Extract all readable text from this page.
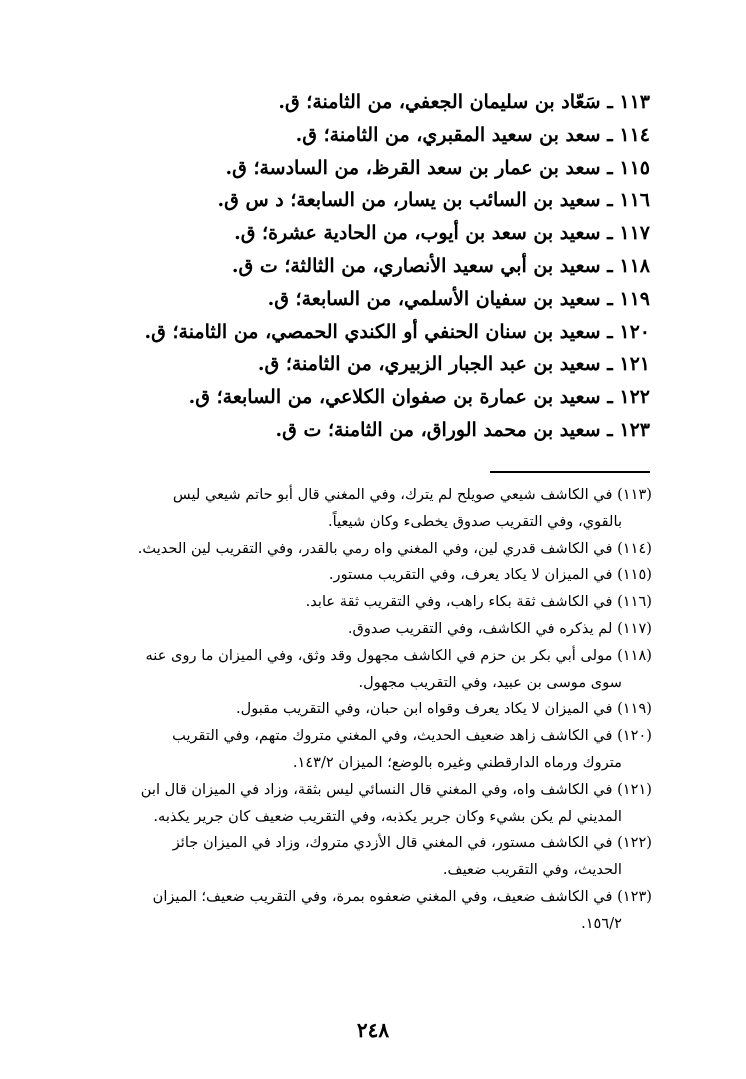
١١٣ ـ سَعّاد بن سليمان الجعفي، من الثامنة؛ ق.
١١٤ ـ سعد بن سعيد المقبري، من الثامنة؛ ق.
١١٥ ـ سعد بن عمار بن سعد القرظ، من السادسة؛ ق.
١١٦ ـ سعيد بن السائب بن يسار، من السابعة؛ د س ق.
١١٧ ـ سعيد بن سعد بن أيوب، من الحادية عشرة؛ ق.
١١٨ ـ سعيد بن أبي سعيد الأنصاري، من الثالثة؛ ت ق.
١١٩ ـ سعيد بن سفيان الأسلمي، من السابعة؛ ق.
١٢٠ ـ سعيد بن سنان الحنفي أو الكندي الحمصي، من الثامنة؛ ق.
١٢١ ـ سعيد بن عبد الجبار الزبيري، من الثامنة؛ ق.
١٢٢ ـ سعيد بن عمارة بن صفوان الكلاعي، من السابعة؛ ق.
١٢٣ ـ سعيد بن محمد الوراق، من الثامنة؛ ت ق.
(١١٣) في الكاشف شيعي صويلح لم يترك، وفي المغني قال أبو حاتم شيعي ليس
بالقوي، وفي التقريب صدوق يخطىء وكان شيعياً.
(١١٤) في الكاشف قدري لين، وفي المغني واه رمي بالقدر، وفي التقريب لين الحديث.
(١١٥) في الميزان لا يكاد يعرف، وفي التقريب مستور.
(١١٦) في الكاشف ثقة بكاء راهب، وفي التقريب ثقة عابد.
(١١٧) لم يذكره في الكاشف، وفي التقريب صدوق.
(١١٨) مولى أبي بكر بن حزم في الكاشف مجهول وقد وثق، وفي الميزان ما روى عنه
سوى موسى بن عبيد، وفي التقريب مجهول.
(١١٩) في الميزان لا يكاد يعرف وقواه ابن حبان، وفي التقريب مقبول.
(١٢٠) في الكاشف زاهد ضعيف الحديث، وفي المغني متروك متهم، وفي التقريب
متروك ورماه الدارقطني وغيره بالوضع؛ الميزان ١٤٣/٢.
(١٢١) في الكاشف واه، وفي المغني قال النسائي ليس بثقة، وزاد في الميزان قال ابن
المديني لم يكن بشيء وكان جرير يكذبه، وفي التقريب ضعيف كان جرير يكذبه.
(١٢٢) في الكاشف مستور، في المغني قال الأزدي متروك، وزاد في الميزان جائز
الحديث، وفي التقريب ضعيف.
(١٢٣) في الكاشف ضعيف، وفي المغني ضعفوه بمرة، وفي التقريب ضعيف؛ الميزان
١٥٦/٢.
٢٤٨
